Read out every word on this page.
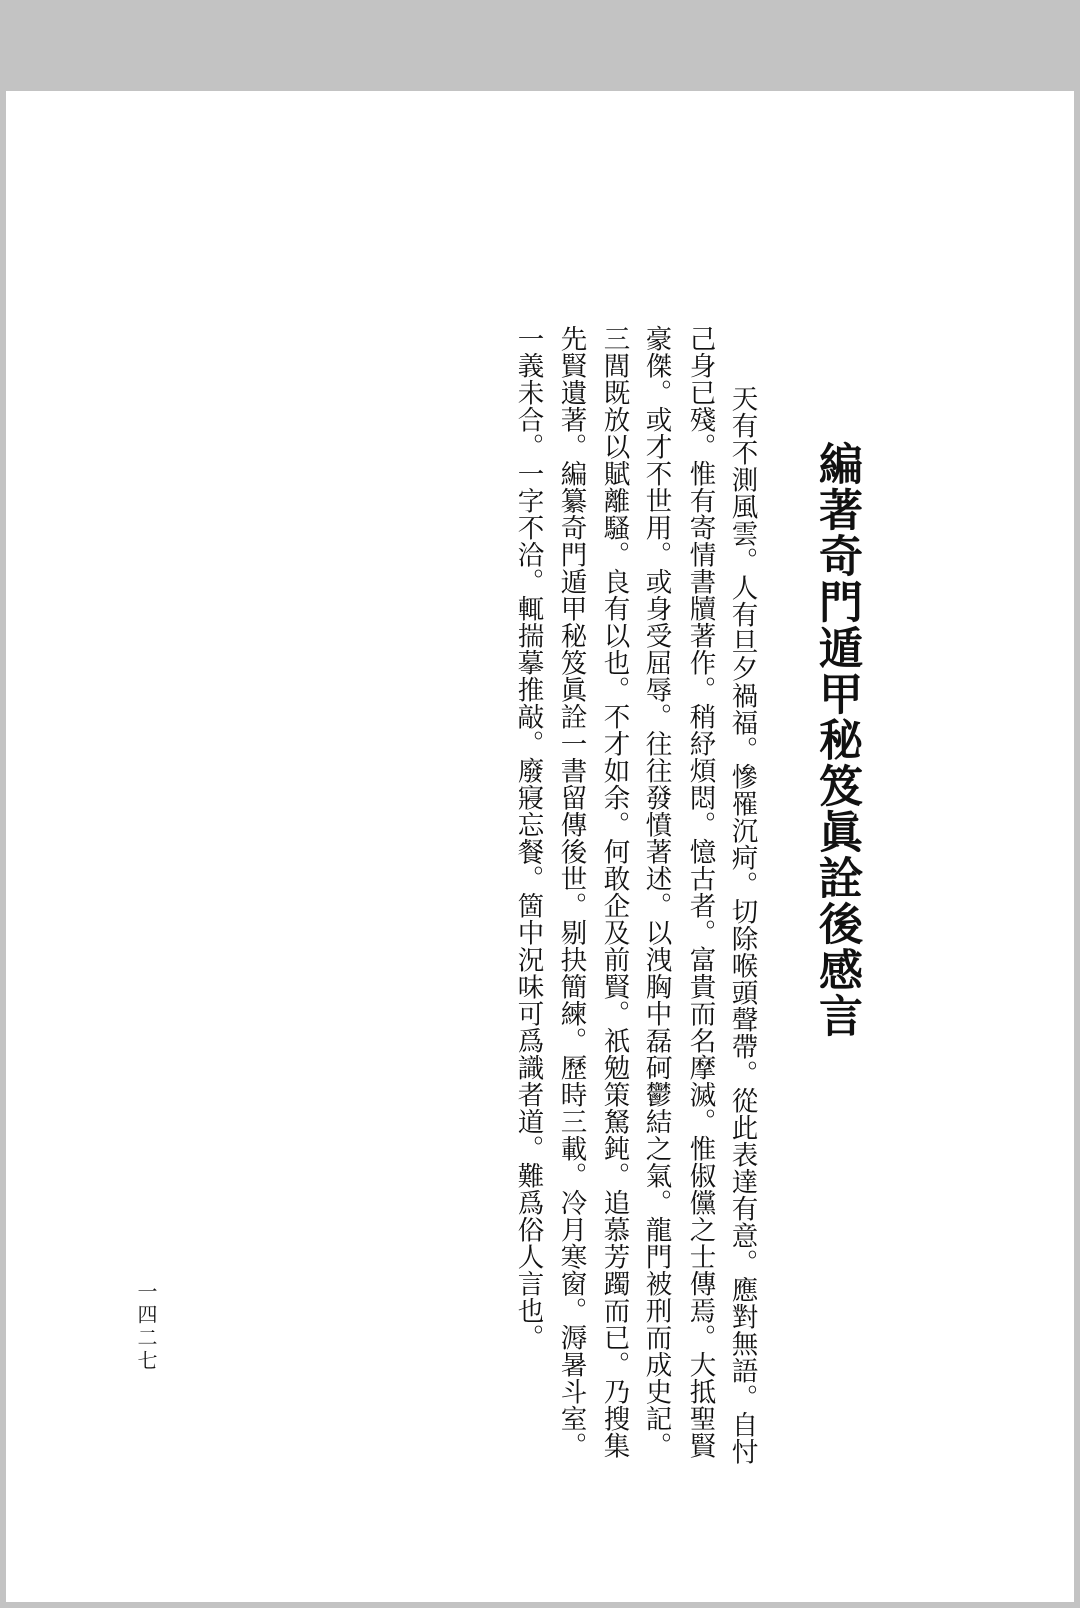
編著奇門遁甲秘笈眞詮後感言
天有不測風雲。人有旦夕禍福。慘罹沉疴。切除喉頭聲帶。從此表達有意。應對無語。自忖
己身已殘。惟有寄情書牘著作。稍紓煩悶。憶古者。富貴而名摩滅。惟俶儻之士傳焉。大抵聖賢
豪傑。或才不世用。或身受屈辱。往往發憤著述。以洩胸中磊砢鬱結之氣。龍門被刑而成史記。
三閭既放以賦離騷。良有以也。不才如余。何敢企及前賢。祇勉策駑鈍。追慕芳躅而已。乃搜集
先賢遺著。編纂奇門遁甲秘笈眞詮一書留傳後世。剔抉簡練。歷時三載。冷月寒窗。溽暑斗室。
一義未合。一字不洽。輒揣摹推敲。廢寢忘餐。箇中況味可爲識者道。難爲俗人言也。
一四二七
